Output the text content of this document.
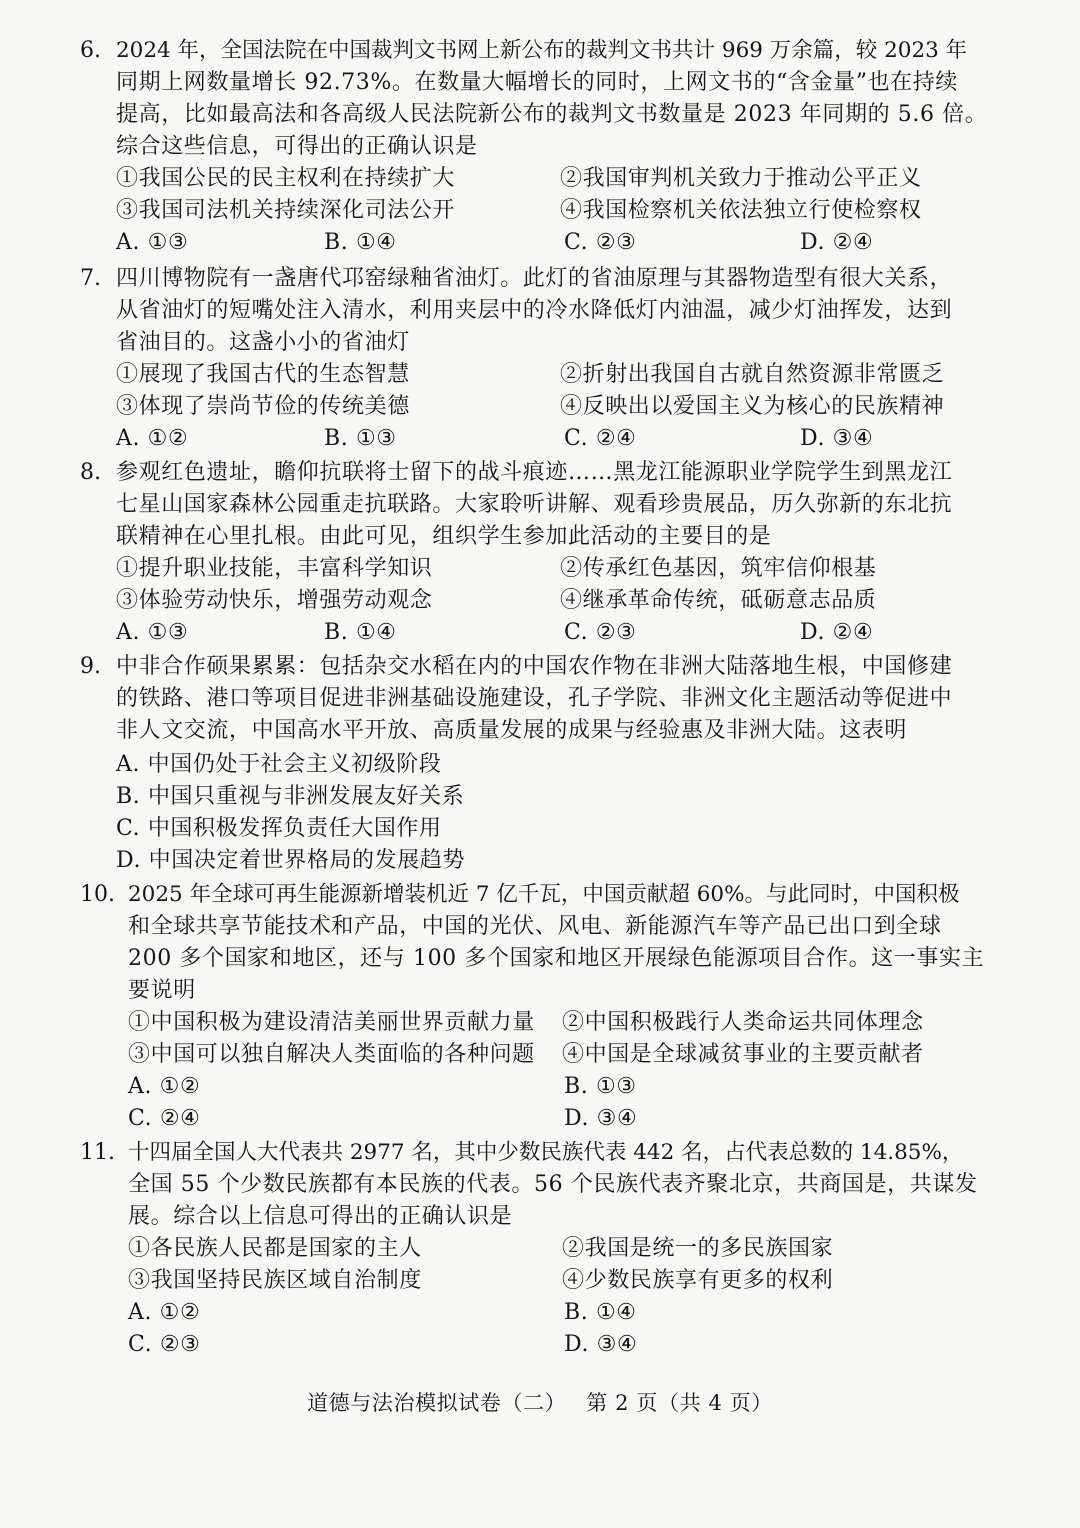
6. 2024 年，全国法院在中国裁判文书网上新公布的裁判文书共计 969 万余篇，较 2023 年
同期上网数量增长 92.73%。在数量大幅增长的同时，上网文书的“含金量”也在持续
提高，比如最高法和各高级人民法院新公布的裁判文书数量是 2023 年同期的 5.6 倍。
综合这些信息，可得出的正确认识是
①我国公民的民主权利在持续扩大	②我国审判机关致力于推动公平正义
③我国司法机关持续深化司法公开	④我国检察机关依法独立行使检察权
A. ①③	B. ①④	C. ②③	D. ②④
7. 四川博物院有一盏唐代邛窑绿釉省油灯。此灯的省油原理与其器物造型有很大关系，
从省油灯的短嘴处注入清水，利用夹层中的冷水降低灯内油温，减少灯油挥发，达到
省油目的。这盏小小的省油灯
①展现了我国古代的生态智慧	②折射出我国自古就自然资源非常匮乏
③体现了崇尚节俭的传统美德	④反映出以爱国主义为核心的民族精神
A. ①②	B. ①③	C. ②④	D. ③④
8. 参观红色遗址，瞻仰抗联将士留下的战斗痕迹……黑龙江能源职业学院学生到黑龙江
七星山国家森林公园重走抗联路。大家聆听讲解、观看珍贵展品，历久弥新的东北抗
联精神在心里扎根。由此可见，组织学生参加此活动的主要目的是
①提升职业技能，丰富科学知识	②传承红色基因，筑牢信仰根基
③体验劳动快乐，增强劳动观念	④继承革命传统，砥砺意志品质
A. ①③	B. ①④	C. ②③	D. ②④
9. 中非合作硕果累累：包括杂交水稻在内的中国农作物在非洲大陆落地生根，中国修建
的铁路、港口等项目促进非洲基础设施建设，孔子学院、非洲文化主题活动等促进中
非人文交流，中国高水平开放、高质量发展的成果与经验惠及非洲大陆。这表明
A. 中国仍处于社会主义初级阶段
B. 中国只重视与非洲发展友好关系
C. 中国积极发挥负责任大国作用
D. 中国决定着世界格局的发展趋势
10. 2025 年全球可再生能源新增装机近 7 亿千瓦，中国贡献超 60%。与此同时，中国积极
和全球共享节能技术和产品，中国的光伏、风电、新能源汽车等产品已出口到全球
200 多个国家和地区，还与 100 多个国家和地区开展绿色能源项目合作。这一事实主
要说明
①中国积极为建设清洁美丽世界贡献力量 ②中国积极践行人类命运共同体理念
③中国可以独自解决人类面临的各种问题 ④中国是全球减贫事业的主要贡献者
A. ①②	B. ①③
C. ②④	D. ③④
11. 十四届全国人大代表共 2977 名，其中少数民族代表 442 名，占代表总数的 14.85%，
全国 55 个少数民族都有本民族的代表。56 个民族代表齐聚北京，共商国是，共谋发
展。综合以上信息可得出的正确认识是
①各民族人民都是国家的主人	②我国是统一的多民族国家
③我国坚持民族区域自治制度	④少数民族享有更多的权利
A. ①②	B. ①④
C. ②③	D. ③④
道德与法治模拟试卷（二） 第 2 页（共 4 页）
